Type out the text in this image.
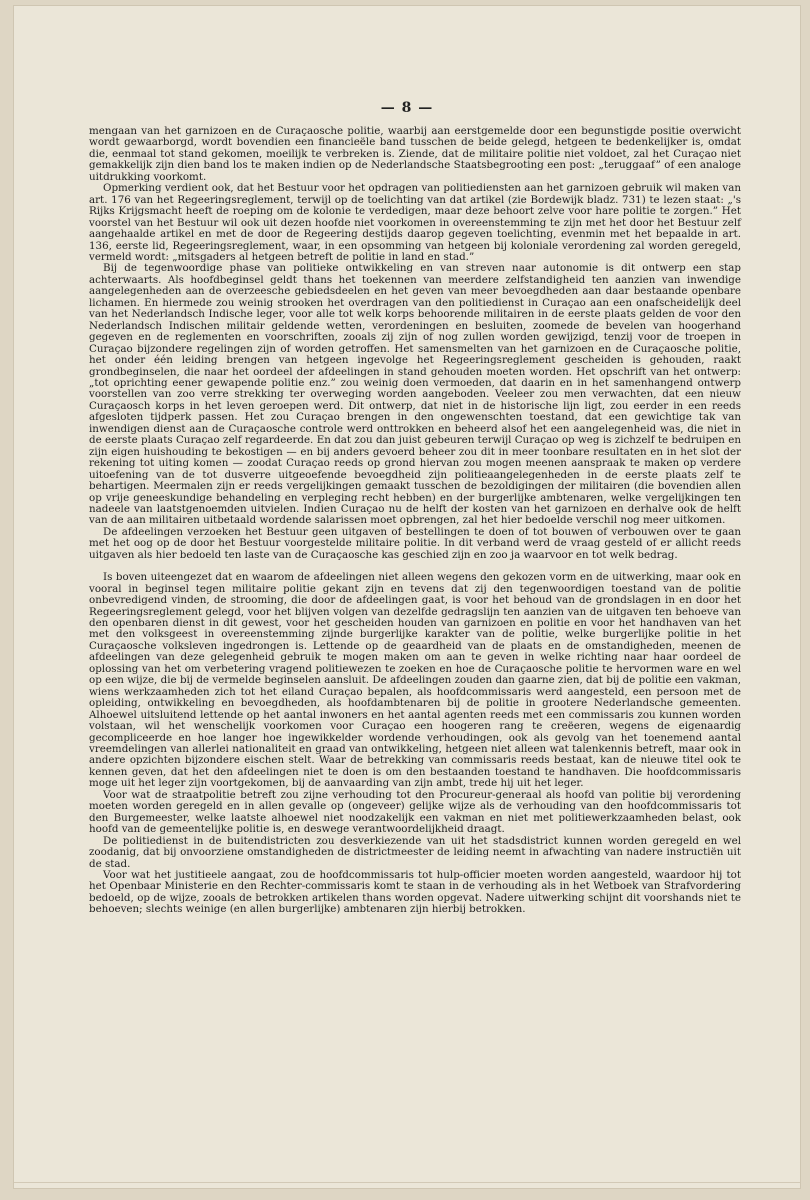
— 8 —

mengaan van het garnizoen en de Curaçaosche politie, waarbij aan eerstgemelde door een begunstigde positie overwicht wordt gewaarborgd, wordt bovendien een financieële band tusschen de beide gelegd, hetgeen te bedenkelijker is, omdat die, eenmaal tot stand gekomen, moeilijk te verbreken is. Ziende, dat de militaire politie niet voldoet, zal het Curaçao niet gemakkelijk zijn dien band los te maken indien op de Nederlandsche Staatsbegrooting een post: „teruggaaf” of een analoge uitdrukking voorkomt.

Opmerking verdient ook, dat het Bestuur voor het opdragen van politiediensten aan het garnizoen gebruik wil maken van art. 176 van het Regeeringsreglement, terwijl op de toelichting van dat artikel (zie Bordewijk bladz. 731) te lezen staat: „'s Rijks Krijgsmacht heeft de roeping om de kolonie te verdedigen, maar deze behoort zelve voor hare politie te zorgen.” Het voorstel van het Bestuur wil ook uit dezen hoofde niet voorkomen in overeenstemming te zijn met het door het Bestuur zelf aangehaalde artikel en met de door de Regeering destijds daarop gegeven toelichting, evenmin met het bepaalde in art. 136, eerste lid, Regeeringsreglement, waar, in een opsomming van hetgeen bij koloniale verordening zal worden geregeld, vermeld wordt: „mitsgaders al hetgeen betreft de politie in land en stad.”

Bij de tegenwoordige phase van politieke ontwikkeling en van streven naar autonomie is dit ontwerp een stap achterwaarts. Als hoofdbeginsel geldt thans het toekennen van meerdere zelfstandigheid ten aanzien van inwendige aangelegenheden aan de overzeesche gebiedsdeelen en het geven van meer bevoegdheden aan daar bestaande openbare lichamen. En hiermede zou weinig strooken het overdragen van den politiedienst in Curaçao aan een onafscheidelijk deel van het Nederlandsch Indische leger, voor alle tot welk korps behoorende militairen in de eerste plaats gelden de voor den Nederlandsch Indischen militair geldende wetten, verordeningen en besluiten, zoomede de bevelen van hoogerhand gegeven en de reglementen en voorschriften, zooals zij zijn of nog zullen worden gewijzigd, tenzij voor de troepen in Curaçao bijzondere regelingen zijn of worden getroffen. Het samensmelten van het garnizoen en de Curaçaosche politie, het onder één leiding brengen van hetgeen ingevolge het Regeeringsreglement gescheiden is gehouden, raakt grondbeginselen, die naar het oordeel der afdeelingen in stand gehouden moeten worden. Het opschrift van het ontwerp: „tot oprichting eener gewapende politie enz.” zou weinig doen vermoeden, dat daarin en in het samenhangend ontwerp voorstellen van zoo verre strekking ter overweging worden aangeboden. Veeleer zou men verwachten, dat een nieuw Curaçaosch korps in het leven geroepen werd. Dit ontwerp, dat niet in de historische lijn ligt, zou eerder in een reeds afgesloten tijdperk passen. Het zou Curaçao brengen in den ongewenschten toestand, dat een gewichtige tak van inwendigen dienst aan de Curaçaosche controle werd onttrokken en beheerd alsof het een aangelegenheid was, die niet in de eerste plaats Curaçao zelf regardeerde. En dat zou dan juist gebeuren terwijl Curaçao op weg is zichzelf te bedruipen en zijn eigen huishouding te bekostigen — en bij anders gevoerd beheer zou dit in meer toonbare resultaten en in het slot der rekening tot uiting komen — zoodat Curaçao reeds op grond hiervan zou mogen meenen aanspraak te maken op verdere uitoefening van de tot dusverre uitgeoefende bevoegdheid zijn politieaangelegenheden in de eerste plaats zelf te behartigen. Meermalen zijn er reeds vergelijkingen gemaakt tusschen de bezoldigingen der militairen (die bovendien allen op vrije geneeskundige behandeling en verpleging recht hebben) en der burgerlijke ambtenaren, welke vergelijkingen ten nadeele van laatstgenoemden uitvielen. Indien Curaçao nu de helft der kosten van het garnizoen en derhalve ook de helft van de aan militairen uitbetaald wordende salarissen moet opbrengen, zal het hier bedoelde verschil nog meer uitkomen.

De afdeelingen verzoeken het Bestuur geen uitgaven of bestellingen te doen of tot bouwen of verbouwen over te gaan met het oog op de door het Bestuur voorgestelde militaire politie. In dit verband werd de vraag gesteld of er allicht reeds uitgaven als hier bedoeld ten laste van de Curaçaosche kas geschied zijn en zoo ja waarvoor en tot welk bedrag.

Is boven uiteengezet dat en waarom de afdeelingen niet alleen wegens den gekozen vorm en de uitwerking, maar ook en vooral in beginsel tegen militaire politie gekant zijn en tevens dat zij den tegenwoordigen toestand van de politie onbevredigend vinden, de strooming, die door de afdeelingen gaat, is voor het behoud van de grondslagen in en door het Regeeringsreglement gelegd, voor het blijven volgen van dezelfde gedragslijn ten aanzien van de uitgaven ten behoeve van den openbaren dienst in dit gewest, voor het gescheiden houden van garnizoen en politie en voor het handhaven van het met den volksgeest in overeenstemming zijnde burgerlijke karakter van de politie, welke burgerlijke politie in het Curaçaosche volksleven ingedrongen is. Lettende op de geaardheid van de plaats en de omstandigheden, meenen de afdeelingen van deze gelegenheid gebruik te mogen maken om aan te geven in welke richting naar haar oordeel de oplossing van het om verbetering vragend politiewezen te zoeken en hoe de Curaçaosche politie te hervormen ware en wel op een wijze, die bij de vermelde beginselen aansluit. De afdeelingen zouden dan gaarne zien, dat bij de politie een vakman, wiens werkzaamheden zich tot het eiland Curaçao bepalen, als hoofdcommissaris werd aangesteld, een persoon met de opleiding, ontwikkeling en bevoegdheden, als hoofdambtenaren bij de politie in grootere Nederlandsche gemeenten. Alhoewel uitsluitend lettende op het aantal inwoners en het aantal agenten reeds met een commissaris zou kunnen worden volstaan, wil het wenschelijk voorkomen voor Curaçao een hoogeren rang te creëeren, wegens de eigenaardig gecompliceerde en hoe langer hoe ingewikkelder wordende verhoudingen, ook als gevolg van het toenemend aantal vreemdelingen van allerlei nationaliteit en graad van ontwikkeling, hetgeen niet alleen wat talenkennis betreft, maar ook in andere opzichten bijzondere eischen stelt. Waar de betrekking van commissaris reeds bestaat, kan de nieuwe titel ook te kennen geven, dat het den afdeelingen niet te doen is om den bestaanden toestand te handhaven. Die hoofdcommissaris moge uit het leger zijn voortgekomen, bij de aanvaarding van zijn ambt, trede hij uit het leger.

Voor wat de straatpolitie betreft zou zijne verhouding tot den Procureur-generaal als hoofd van politie bij verordening moeten worden geregeld en in allen gevalle op (ongeveer) gelijke wijze als de verhouding van den hoofdcommissaris tot den Burgemeester, welke laatste alhoewel niet noodzakelijk een vakman en niet met politiewerkzaamheden belast, ook hoofd van de gemeentelijke politie is, en deswege verantwoordelijkheid draagt.

De politiedienst in de buitendistricten zou desverkiezende van uit het stadsdistrict kunnen worden geregeld en wel zoodanig, dat bij onvoorziene omstandigheden de districtmeester de leiding neemt in afwachting van nadere instructiën uit de stad.

Voor wat het justitieele aangaat, zou de hoofdcommissaris tot hulp-officier moeten worden aangesteld, waardoor hij tot het Openbaar Ministerie en den Rechter-commissaris komt te staan in de verhouding als in het Wetboek van Strafvordering bedoeld, op de wijze, zooals de betrokken artikelen thans worden opgevat. Nadere uitwerking schijnt dit voorshands niet te behoeven; slechts weinige (en allen burgerlijke) ambtenaren zijn hierbij betrokken.
